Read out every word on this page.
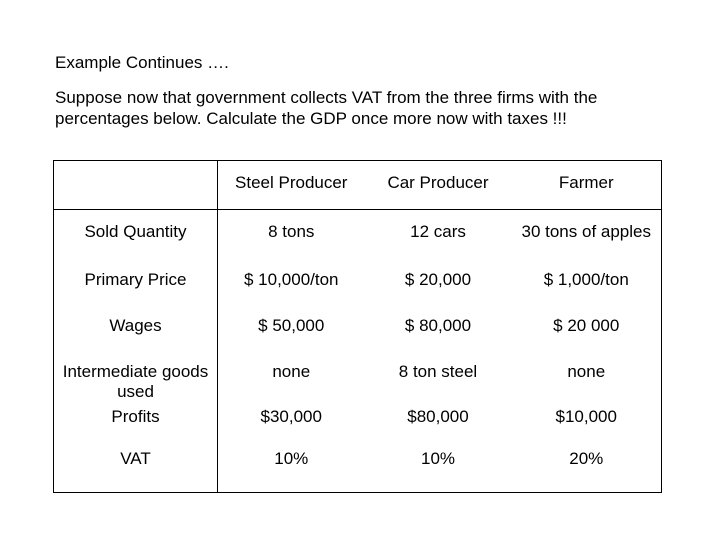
Example Continues ….
Suppose now that government collects VAT from the three firms with the
percentages below. Calculate the GDP once more now with taxes !!!
	Steel Producer	Car Producer	Farmer
Sold Quantity	8 tons	12 cars	30 tons of apples
Primary Price	$ 10,000/ton	$ 20,000	$ 1,000/ton
Wages	$ 50,000	$ 80,000	$ 20 000
Intermediate goods used	none	8 ton steel	none
Profits	$30,000	$80,000	$10,000
VAT	10%	10%	20%
